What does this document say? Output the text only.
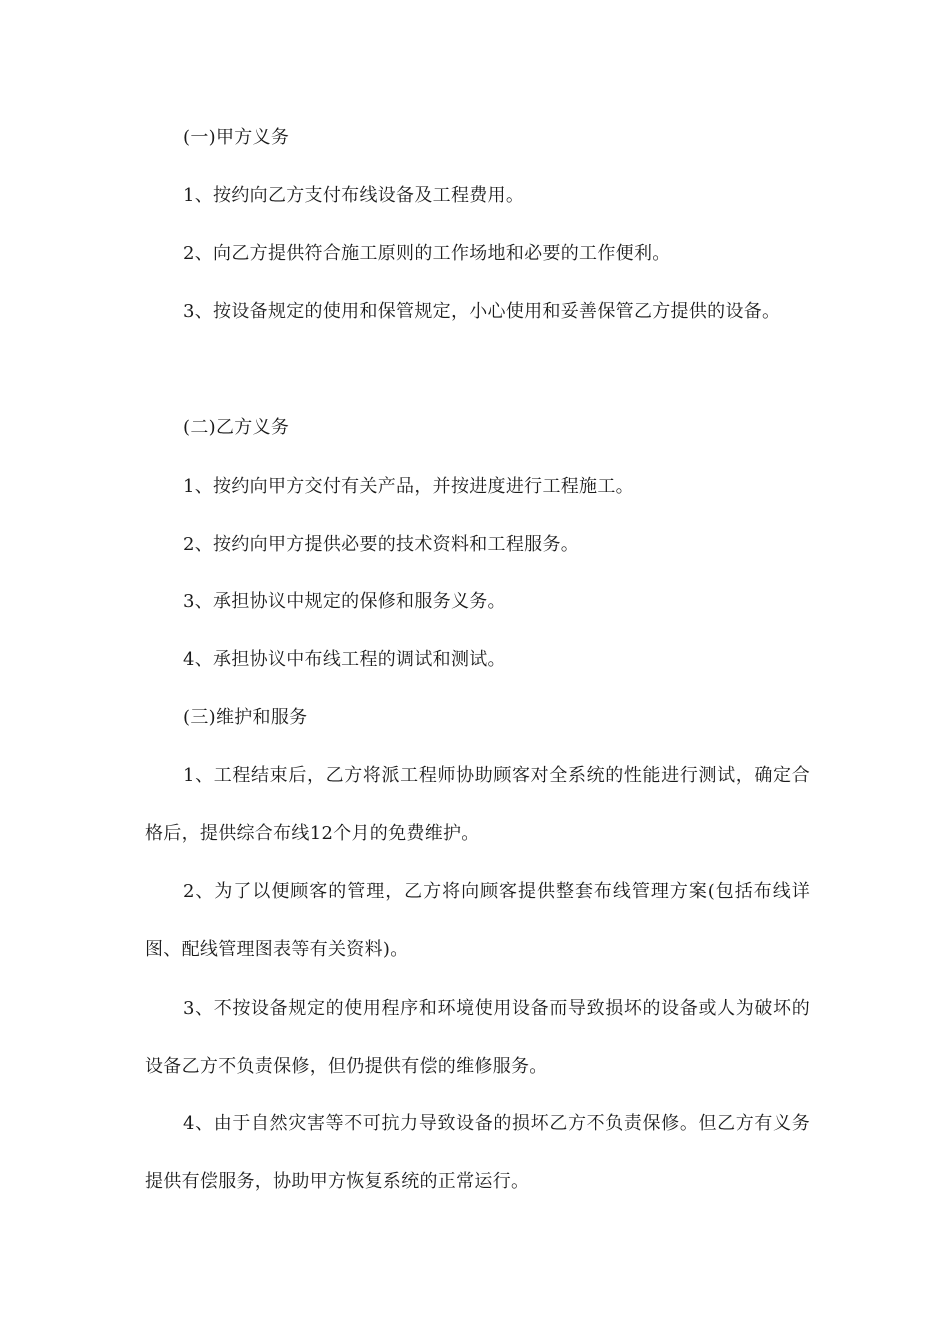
(一)甲方义务

1、按约向乙方支付布线设备及工程费用。

2、向乙方提供符合施工原则的工作场地和必要的工作便利。

3、按设备规定的使用和保管规定，小心使用和妥善保管乙方提供的设备。

(二)乙方义务

1、按约向甲方交付有关产品，并按进度进行工程施工。

2、按约向甲方提供必要的技术资料和工程服务。

3、承担协议中规定的保修和服务义务。

4、承担协议中布线工程的调试和测试。

(三)维护和服务

1、工程结束后，乙方将派工程师协助顾客对全系统的性能进行测试，确定合格后，提供综合布线12个月的免费维护。

2、为了以便顾客的管理，乙方将向顾客提供整套布线管理方案(包括布线详图、配线管理图表等有关资料)。

3、不按设备规定的使用程序和环境使用设备而导致损坏的设备或人为破坏的设备乙方不负责保修，但仍提供有偿的维修服务。

4、由于自然灾害等不可抗力导致设备的损坏乙方不负责保修。但乙方有义务提供有偿服务，协助甲方恢复系统的正常运行。
